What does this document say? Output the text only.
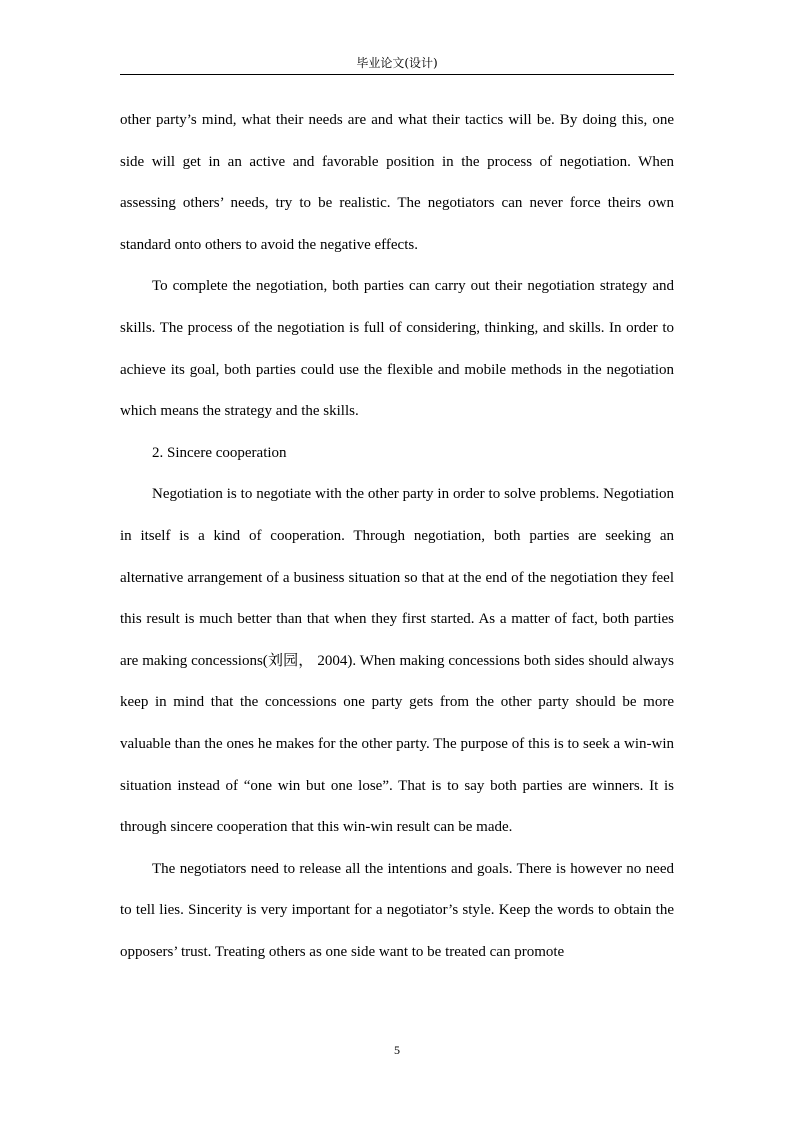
毕业论文(设计)

other party’s mind, what their needs are and what their tactics will be. By doing this, one side will get in an active and favorable position in the process of negotiation. When assessing others’ needs, try to be realistic. The negotiators can never force theirs own standard onto others to avoid the negative effects.

To complete the negotiation, both parties can carry out their negotiation strategy and skills. The process of the negotiation is full of considering, thinking, and skills. In order to achieve its goal, both parties could use the flexible and mobile methods in the negotiation which means the strategy and the skills.

2. Sincere cooperation

Negotiation is to negotiate with the other party in order to solve problems. Negotiation in itself is a kind of cooperation. Through negotiation, both parties are seeking an alternative arrangement of a business situation so that at the end of the negotiation they feel this result is much better than that when they first started. As a matter of fact, both parties are making concessions(刘园， 2004). When making concessions both sides should always keep in mind that the concessions one party gets from the other party should be more valuable than the ones he makes for the other party. The purpose of this is to seek a win-win situation instead of “one win but one lose”. That is to say both parties are winners. It is through sincere cooperation that this win-win result can be made.

The negotiators need to release all the intentions and goals. There is however no need to tell lies. Sincerity is very important for a negotiator’s style. Keep the words to obtain the opposers’ trust. Treating others as one side want to be treated can promote

5
